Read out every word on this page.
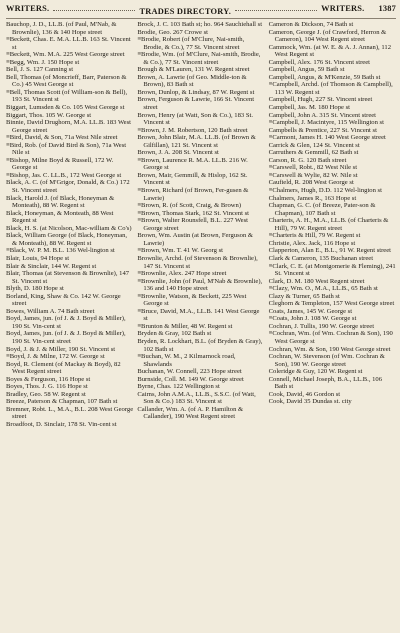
WRITERS.	TRADES DIRECTORY.	WRITERS. 1387

Bauchop, J. D., LL.B. (of Paul, M'Nab, & Brownlie), 136 & 140 Hope street

≡Beckett, Chas. E. M.A. LL.B. 163 St. Vincent st

≡Beckett, Wm. M.A. 225 West George street

≡Begg, Wm. J. 150 Hope st

Bell, J. S. 127 Canning st

Bell, Thomas (of Moncrieff, Barr, Paterson & Co.) 45 West George st

≡Bell, Thomas Scott (of William-son & Bell), 193 St. Vincent st

Biggart, Lumsden & Co. 105 West George st

Biggart, Thos. 105 W. George st

Binnie, David Drughorn, M.A. LL.B. 183 West George street

≡Bird, David, & Son, 71a West Nile street

≡Bird, Rob. (of David Bird & Son), 71a West Nile st

≡Bishop, Milne Boyd & Russell, 172 W. George st

≡Bishop, Jas. C. LL.B., 172 West George st

Black, A. C. (of M'Grigor, Donald, & Co.) 172 St. Vincent street

Black, Harold J. (of Black, Honeyman & Monteath), 88 W. Regent st

Black, Honeyman, & Monteath, 88 West Regent st

Black, H. S. (at Nicolson, Mac-william & Co's)

Black, William George (of Black, Honeyman, & Monteath), 88 W. Regent st

≡Black, W. P. M. B.L. 136 Wel-lington st

Blair, Louis, 94 Hope st

Blair & Sinclair, 144 W. Regent st

Blair, Thomas (at Stevenson & Brownlie), 147 St. Vincent st

Blyth, D. 180 Hope st

Borland, King, Shaw & Co. 142 W. George street

Bowes, William A. 74 Bath street

Boyd, James, jun. (of J. & J. Boyd & Miller), 190 St. Vin-cent st

Boyd, James, jun. (of J. & J. Boyd & Miller), 190 St. Vin-cent street

Boyd, J. & J. & Miller, 190 St. Vincent st

≡Boyd, J. & Milne, 172 W. George st

Boyd, R. Clement (of Mackay & Boyd), 82 West Regent street

Boyes & Ferguson, 116 Hope st

Boyes, Thos. J. G. 116 Hope st

Bradley, Geo. 58 W. Regent st

Breeze, Paterson & Chapman, 107 Bath st

Bremner, Robt. L., M.A., B.L. 208 West George street

Broadfoot, D. Sinclair, 178 St. Vin-cent st

Brock, J. C. 103 Bath st; ho. 964 Sauchiehall st

Brodie, Geo. 267 Crowe st

≡Brodie, Robert (of M'Clure, Nai-smith, Brodie, & Co.), 77 St. Vincent street

≡Brodie, Wm. (of M'Clure, Nai-smith, Brodie, & Co.), 77 St. Vincent street

Brough & M'Lauren, 131 W. Regent street

Brown, A. Lawrie (of Geo. Middle-ton & Brown), 83 Bath st

Brown, Dunlop, & Lindsay, 87 W. Regent st

Brown, Ferguson & Lawrie, 166 St. Vincent street

Brown, Henry (at Watt, Son & Co.), 183 St. Vincent st

≡Brown, J. M. Robertson, 120 Bath street

Brown, John Blair, M.A. LL.B. (of Brown & Gilfillan), 121 St. Vincent st

Brown, J. A. 208 St. Vincent st

≡Brown, Laurence R. M.A. LL.B. 216 W. George st

Brown, Mair, Gemmill, & Hislop, 162 St. Vincent st

≡Brown, Richard (of Brown, Fer-gusen & Lawrie)

≡Brown, R. (of Scott, Craig, & Brown)

≡Brown, Thomas Stark, 162 St. Vincent st

≡Brown, Walter Rounsfell, B.L. 227 West George street

Brown, Wm. Austin (at Brown, Ferguson & Lawrie)

≡Brown, Wm. T. 41 W. Georg st

Brownlie, Archd. (of Stevenson & Brownlie), 147 St. Vincent st

≡Brownlie, Alex. 247 Hope street

≡Brownlie, John (of Paul, M'Nab & Brownlie), 136 and 140 Hope street

≡Brownlie, Watson, & Beckett, 225 West George st

≡Bruce, David, M.A., LL.B. 141 West George st

≡Brunton & Miller, 48 W. Regent st

Bryden & Gray, 102 Bath st

Bryden, R. Lockhart, B.L. (of Bryden & Gray), 102 Bath st

≡Buchan, W. M., 2 Kilmarnock road, Shawlands

Buchanan, W. Connell, 223 Hope street

Burnside, Coll. M. 149 W. George street

Byrne, Chas. 122 Wellington st

Cairns, John A.M.A., LL.B., S.S.C. (of Watt, Son & Co.) 183 St. Vincent st

Callander, Wm. A. (of A. P. Hamilton & Callander), 190 West Regent street

Cameron & Dickson, 74 Bath st

Cameron, George J. (of Crawford, Herron & Cameron), 104 West Regent street

Cammock, Wm. (at W. E. & A. J. Annan), 112 West Regent st

Campbell, Alex. 176 St. Vincent street

Campbell, Angus, 59 Bath st

Campbell, Angus, & M'Kenzie, 59 Bath st

≡Campbell, Archd. (of Thomson & Campbell), 113 W. Regent st

Campbell, Hugh, 227 St. Vincent street

Campbell, Jas. M. 180 Hope st

Campbell, John A. 315 St. Vincent street

≡Campbell, J. Macintyre, 115 Wellington st

Campbells & Prentice, 227 St. Vincent st

≡Carmont, James H. 140 West George street

Carrick & Glen, 124 St. Vincent st

Carruthers & Gemmill, 62 Bath st

Carson, R. G. 120 Bath street

≡Carswell, Robt., 82 West Nile st

≡Carswell & Wylie, 82 W. Nile st

Caufield, R. 208 West George st

≡Chalmers, Hugh, D.D. 112 Wel-lington st

Chalmers, James R., 163 Hope st

Chapman, G. C. (of Breeze, Pater-son & Chapman), 107 Bath st

Charteris, A. H., M.A., LL.B. (of Charteris & Hill), 79 W. Regent street

≡Charteris & Hill, 79 W. Regent st

Christie, Alex. Jack, 116 Hope st

Clapperton, Alan E., B.L., 91 W. Regent street

Clark & Cameron, 135 Buchanan street

≡Clark, C. E. (at Montgomerie & Fleming), 241 St. Vincent st

Clark, D. M. 180 West Regent street

≡Clazy, Wm. O., M.A., LL.B., 65 Bath st

Clazy & Turner, 65 Bath st

Cleghorn & Templeton, 157 West George street

Coats, James, 145 W. George st

≡Coats, John J. 108 W. George st

Cochran, J. Tullis, 190 W. George street

≡Cochran, Wm. (of Wm. Cochran & Son), 190 West George st

Cochran, Wm. & Son, 190 West George street

Cochran, W. Stevenson (of Wm. Cochran & Son), 190 W. George street

Coleridge & Guy, 120 W. Regent st

Connell, Michael Joseph, B.A., LL.B., 106 Bath st

Cook, David, 46 Gordon st

Cook, David 35 Dundas st. city
